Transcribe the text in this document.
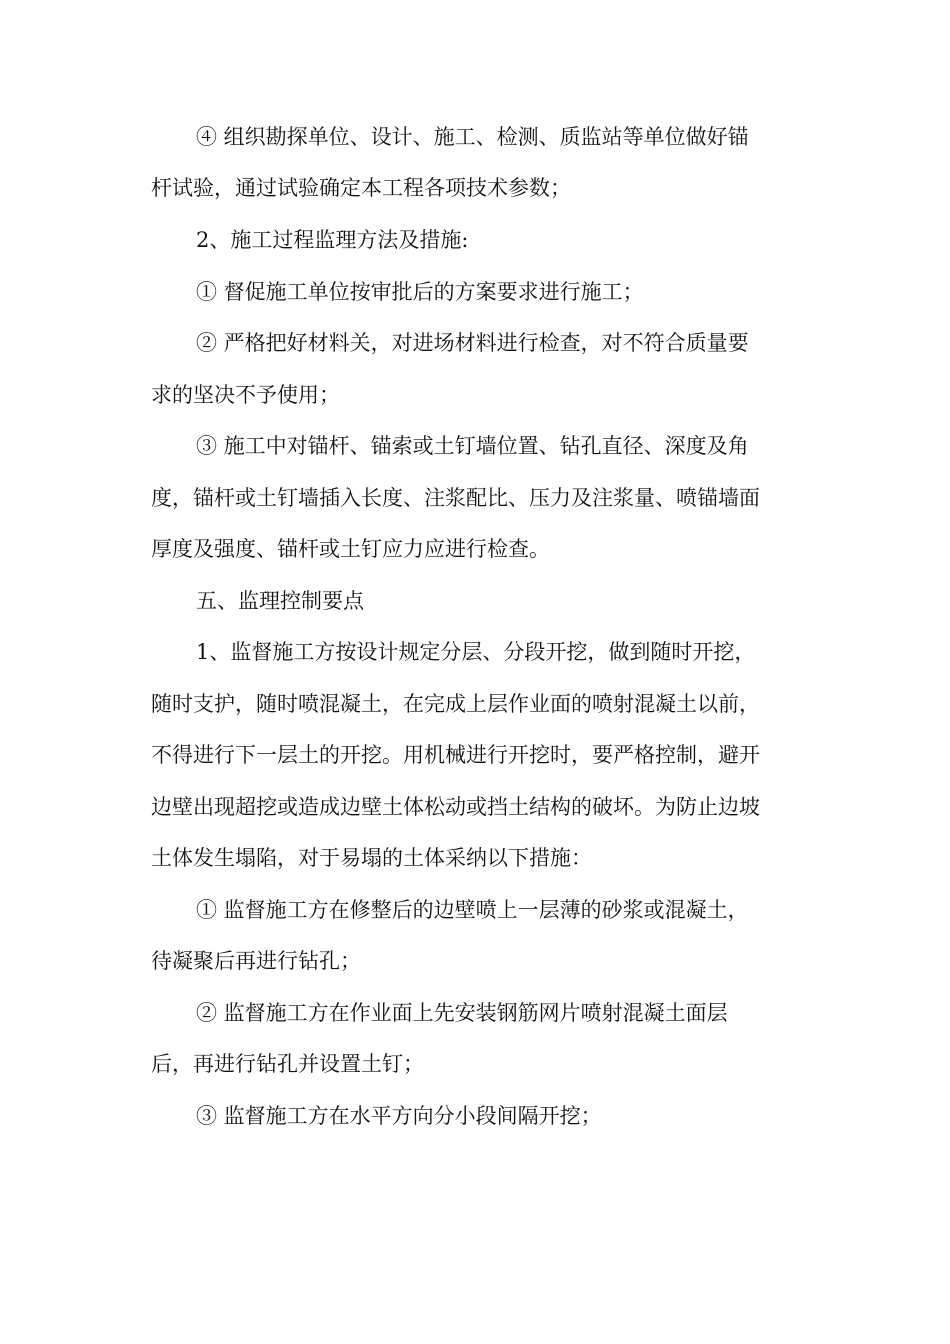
④ 组织勘探单位、设计、施工、检测、质监站等单位做好锚
杆试验，通过试验确定本工程各项技术参数；
2、施工过程监理方法及措施:
① 督促施工单位按审批后的方案要求进行施工；
② 严格把好材料关，对进场材料进行检查，对不符合质量要
求的坚决不予使用；
③ 施工中对锚杆、锚索或土钉墙位置、钻孔直径、深度及角
度，锚杆或土钉墙插入长度、注浆配比、压力及注浆量、喷锚墙面
厚度及强度、锚杆或土钉应力应进行检查。
五、监理控制要点
1、监督施工方按设计规定分层、分段开挖，做到随时开挖，
随时支护，随时喷混凝土，在完成上层作业面的喷射混凝土以前，
不得进行下一层土的开挖。用机械进行开挖时，要严格控制，避开
边壁出现超挖或造成边壁土体松动或挡土结构的破坏。为防止边坡
土体发生塌陷，对于易塌的土体采纳以下措施：
① 监督施工方在修整后的边壁喷上一层薄的砂浆或混凝土，
待凝聚后再进行钻孔；
② 监督施工方在作业面上先安装钢筋网片喷射混凝土面层
后，再进行钻孔并设置土钉；
③ 监督施工方在水平方向分小段间隔开挖；
